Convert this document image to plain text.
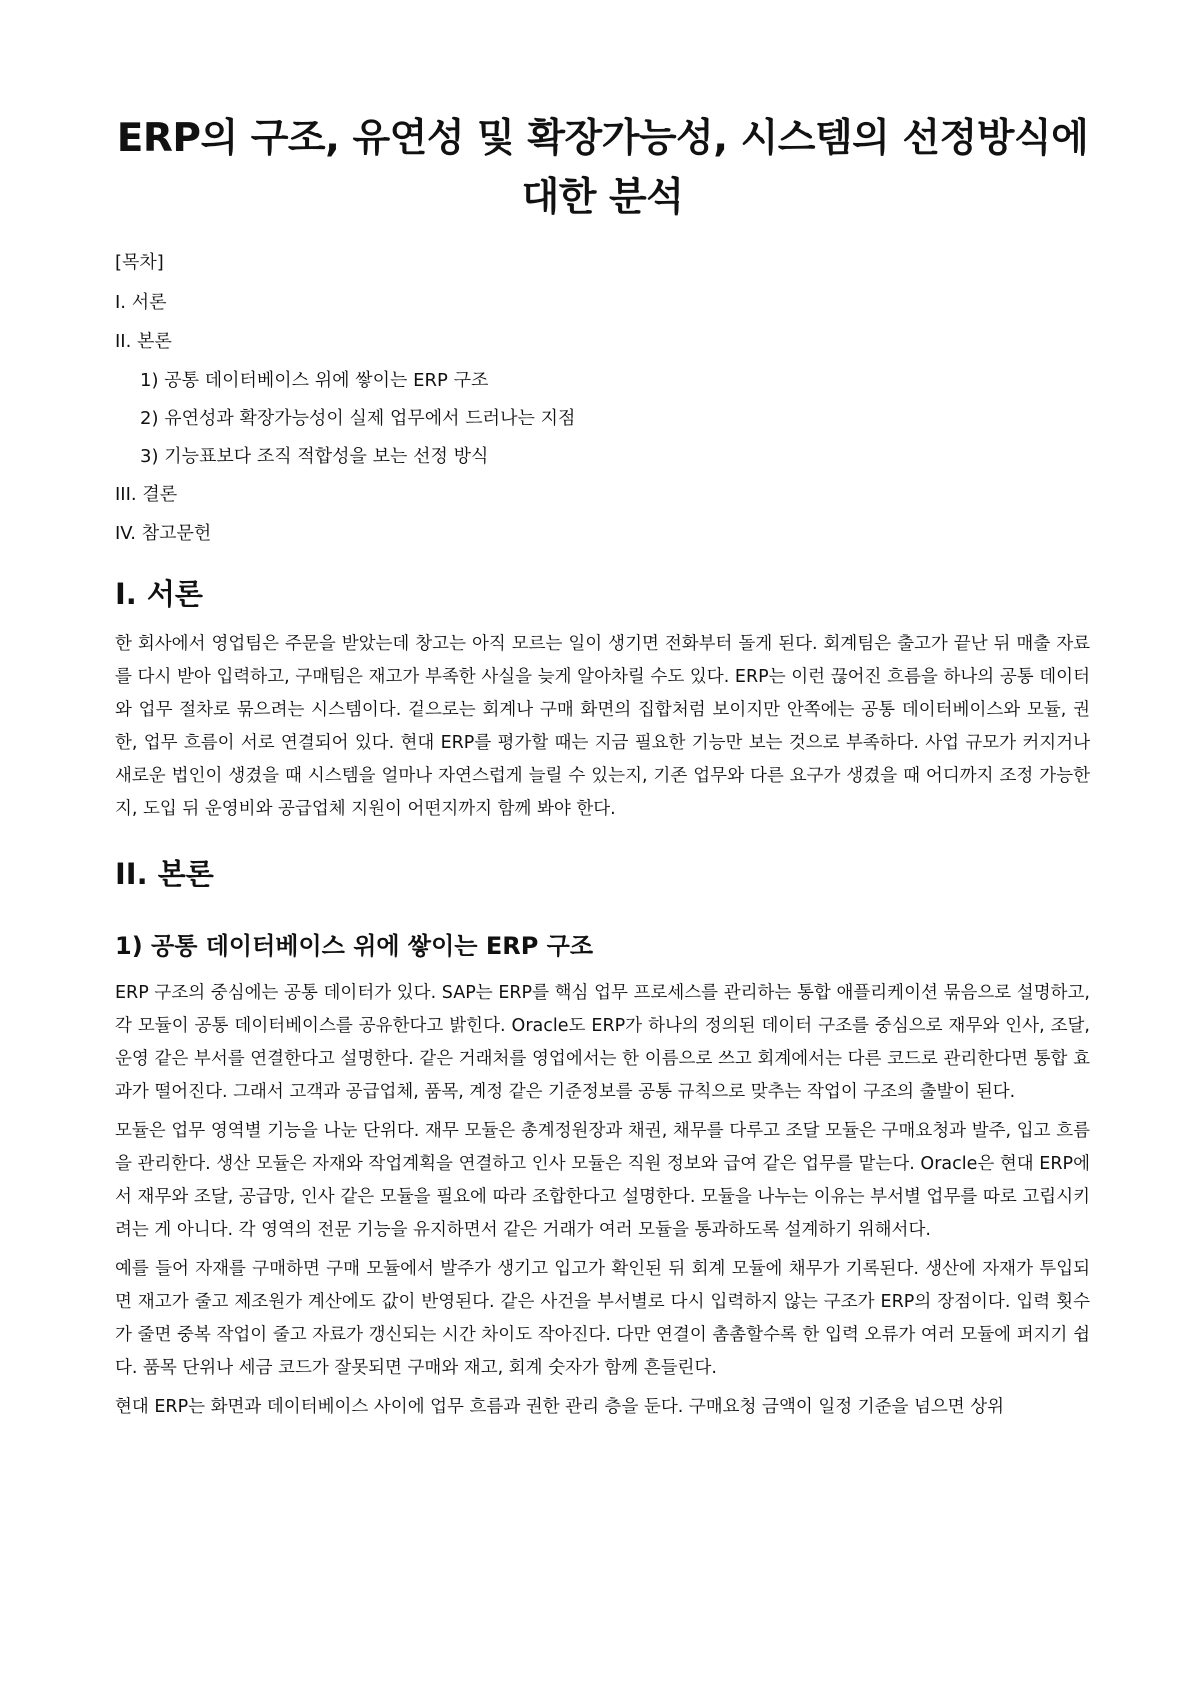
ERP의 구조, 유연성 및 확장가능성, 시스템의 선정방식에 대한 분석
[목차]
I. 서론
II. 본론
1) 공통 데이터베이스 위에 쌓이는 ERP 구조
2) 유연성과 확장가능성이 실제 업무에서 드러나는 지점
3) 기능표보다 조직 적합성을 보는 선정 방식
III. 결론
IV. 참고문헌
I. 서론

한 회사에서 영업팀은 주문을 받았는데 창고는 아직 모르는 일이 생기면 전화부터 돌게 된다. 회계팀은 출고가 끝난 뒤 매출 자료를 다시 받아 입력하고, 구매팀은 재고가 부족한 사실을 늦게 알아차릴 수도 있다. ERP는 이런 끊어진 흐름을 하나의 공통 데이터와 업무 절차로 묶으려는 시스템이다. 겉으로는 회계나 구매 화면의 집합처럼 보이지만 안쪽에는 공통 데이터베이스와 모듈, 권한, 업무 흐름이 서로 연결되어 있다. 현대 ERP를 평가할 때는 지금 필요한 기능만 보는 것으로 부족하다. 사업 규모가 커지거나 새로운 법인이 생겼을 때 시스템을 얼마나 자연스럽게 늘릴 수 있는지, 기존 업무와 다른 요구가 생겼을 때 어디까지 조정 가능한지, 도입 뒤 운영비와 공급업체 지원이 어떤지까지 함께 봐야 한다.

II. 본론
1) 공통 데이터베이스 위에 쌓이는 ERP 구조

ERP 구조의 중심에는 공통 데이터가 있다. SAP는 ERP를 핵심 업무 프로세스를 관리하는 통합 애플리케이션 묶음으로 설명하고, 각 모듈이 공통 데이터베이스를 공유한다고 밝힌다. Oracle도 ERP가 하나의 정의된 데이터 구조를 중심으로 재무와 인사, 조달, 운영 같은 부서를 연결한다고 설명한다. 같은 거래처를 영업에서는 한 이름으로 쓰고 회계에서는 다른 코드로 관리한다면 통합 효과가 떨어진다. 그래서 고객과 공급업체, 품목, 계정 같은 기준정보를 공통 규칙으로 맞추는 작업이 구조의 출발이 된다.

모듈은 업무 영역별 기능을 나눈 단위다. 재무 모듈은 총계정원장과 채권, 채무를 다루고 조달 모듈은 구매요청과 발주, 입고 흐름을 관리한다. 생산 모듈은 자재와 작업계획을 연결하고 인사 모듈은 직원 정보와 급여 같은 업무를 맡는다. Oracle은 현대 ERP에서 재무와 조달, 공급망, 인사 같은 모듈을 필요에 따라 조합한다고 설명한다. 모듈을 나누는 이유는 부서별 업무를 따로 고립시키려는 게 아니다. 각 영역의 전문 기능을 유지하면서 같은 거래가 여러 모듈을 통과하도록 설계하기 위해서다.

예를 들어 자재를 구매하면 구매 모듈에서 발주가 생기고 입고가 확인된 뒤 회계 모듈에 채무가 기록된다. 생산에 자재가 투입되면 재고가 줄고 제조원가 계산에도 값이 반영된다. 같은 사건을 부서별로 다시 입력하지 않는 구조가 ERP의 장점이다. 입력 횟수가 줄면 중복 작업이 줄고 자료가 갱신되는 시간 차이도 작아진다. 다만 연결이 촘촘할수록 한 입력 오류가 여러 모듈에 퍼지기 쉽다. 품목 단위나 세금 코드가 잘못되면 구매와 재고, 회계 숫자가 함께 흔들린다.

현대 ERP는 화면과 데이터베이스 사이에 업무 흐름과 권한 관리 층을 둔다. 구매요청 금액이 일정 기준을 넘으면 상위
